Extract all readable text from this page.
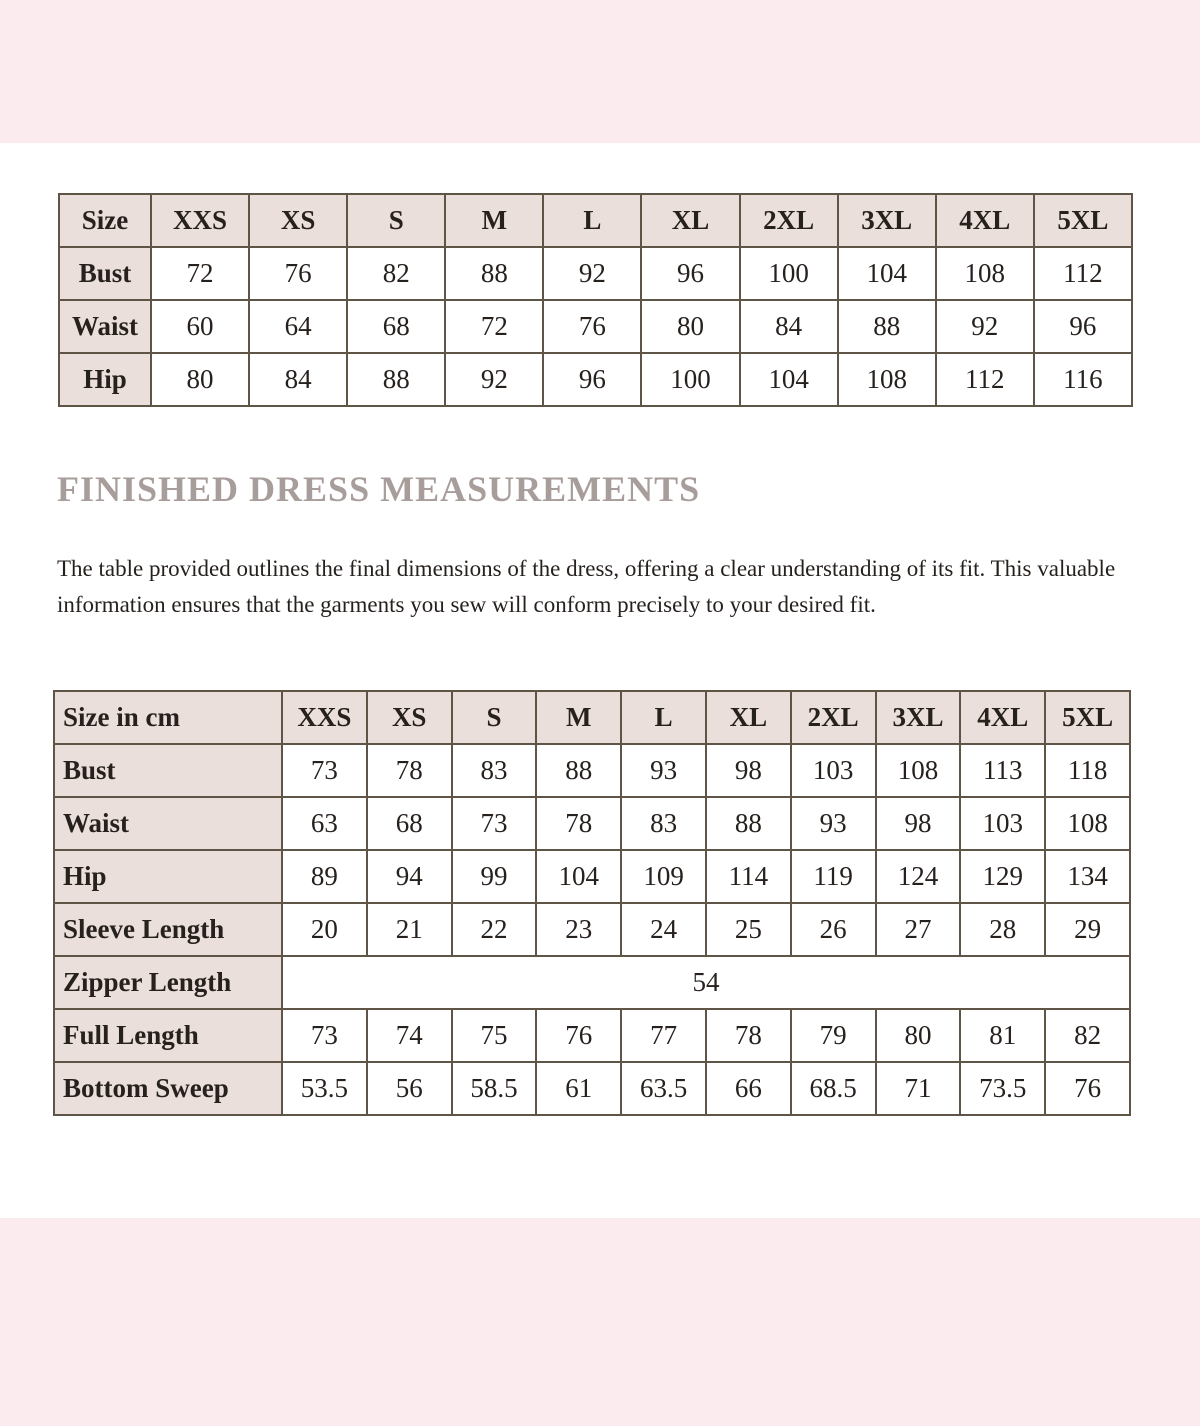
Size	XXS	XS	S	M	L	XL	2XL	3XL	4XL	5XL
Bust	72	76	82	88	92	96	100	104	108	112
Waist	60	64	68	72	76	80	84	88	92	96
Hip	80	84	88	92	96	100	104	108	112	116
FINISHED DRESS MEASUREMENTS

The table provided outlines the final dimensions of the dress, offering a clear understanding of its fit. This valuable information ensures that the garments you sew will conform precisely to your desired fit.

Size in cm	XXS	XS	S	M	L	XL	2XL	3XL	4XL	5XL
Bust	73	78	83	88	93	98	103	108	113	118
Waist	63	68	73	78	83	88	93	98	103	108
Hip	89	94	99	104	109	114	119	124	129	134
Sleeve Length	20	21	22	23	24	25	26	27	28	29
Zipper Length	54									
Full Length	73	74	75	76	77	78	79	80	81	82
Bottom Sweep	53.5	56	58.5	61	63.5	66	68.5	71	73.5	76
